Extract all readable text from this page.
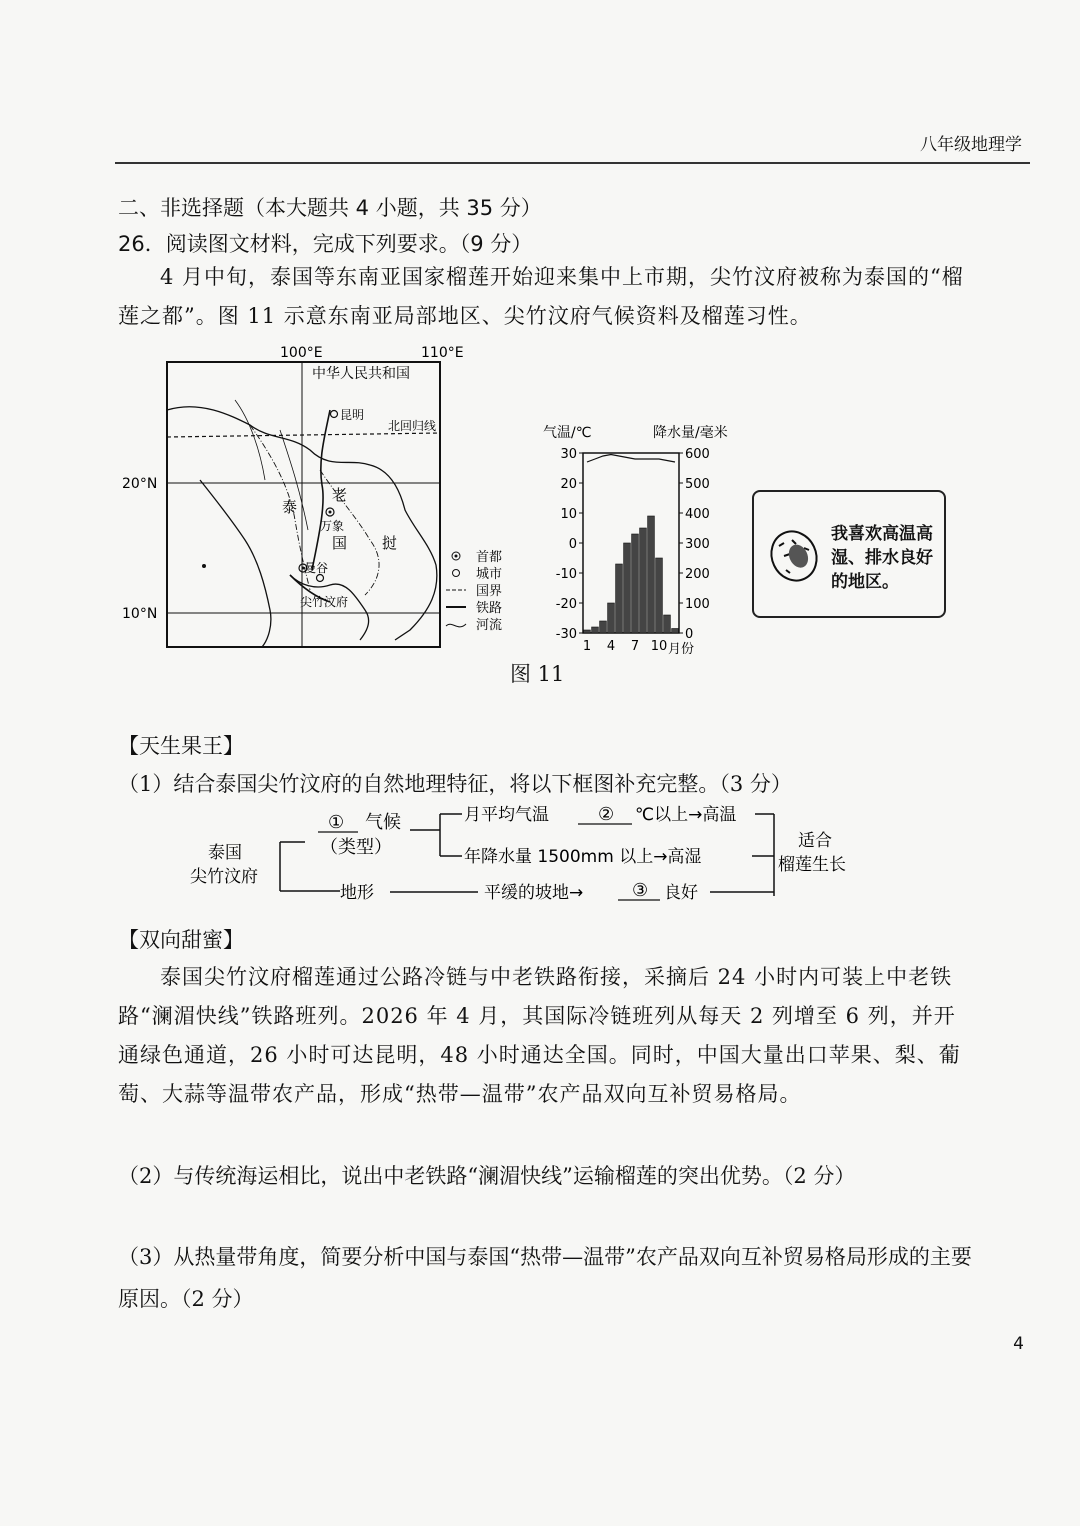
八年级地理学
二、非选择题（本大题共 4 小题，共 35 分）
26．阅读图文材料，完成下列要求。（9 分）
4 月中旬，泰国等东南亚国家榴莲开始迎来集中上市期，尖竹汶府被称为泰国的“榴莲之都”。图 11 示意东南亚局部地区、尖竹汶府气候资料及榴莲习性。
100°E	110°E
20°N
10°N
中华人民共和国
北回归线
昆明
万象
曼谷
尖竹汶府
泰
老
国 挝
首都
城市
国界
铁路
河流
气温/℃	降水量/毫米
30
20
10
0
-10
-20
-30
600
500
400
300
200
100
0
1 4 7 10 月份
我喜欢高温高湿、排水良好的地区。
图 11
【天生果王】
（1）结合泰国尖竹汶府的自然地理特征，将以下框图补充完整。（3 分）
泰国
尖竹汶府
① 气候
（类型）
月平均气温	② ℃以上→高温
年降水量 1500mm 以上→高湿
适合
榴莲生长
地形	平缓的坡地→	③ 良好
【双向甜蜜】
泰国尖竹汶府榴莲通过公路冷链与中老铁路衔接，采摘后 24 小时内可装上中老铁路“澜湄快线”铁路班列。2026 年 4 月，其国际冷链班列从每天 2 列增至 6 列，并开通绿色通道，26 小时可达昆明，48 小时通达全国。同时，中国大量出口苹果、梨、葡萄、大蒜等温带农产品，形成“热带—温带”农产品双向互补贸易格局。
（2）与传统海运相比，说出中老铁路“澜湄快线”运输榴莲的突出优势。（2 分）
（3）从热量带角度，简要分析中国与泰国“热带—温带”农产品双向互补贸易格局形成的主要原因。（2 分）
4
